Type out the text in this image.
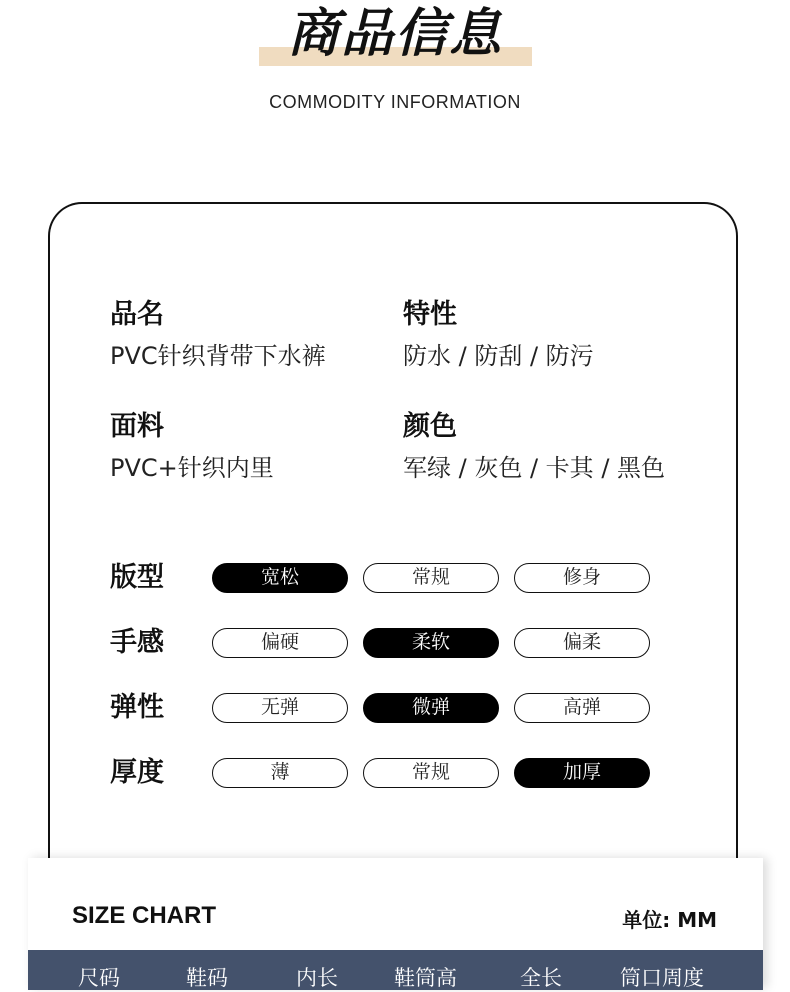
商品信息
COMMODITY INFORMATION
品名
PVC针织背带下水裤
特性
防水 / 防刮 / 防污
面料
PVC+针织内里
颜色
军绿 / 灰色 / 卡其 / 黑色
版型	宽松	常规	修身
手感	偏硬	柔软	偏柔
弹性	无弹	微弹	高弹
厚度	薄	常规	加厚
SIZE CHART	单位: MM
尺码	鞋码	内长	鞋筒高	全长	筒口周度
